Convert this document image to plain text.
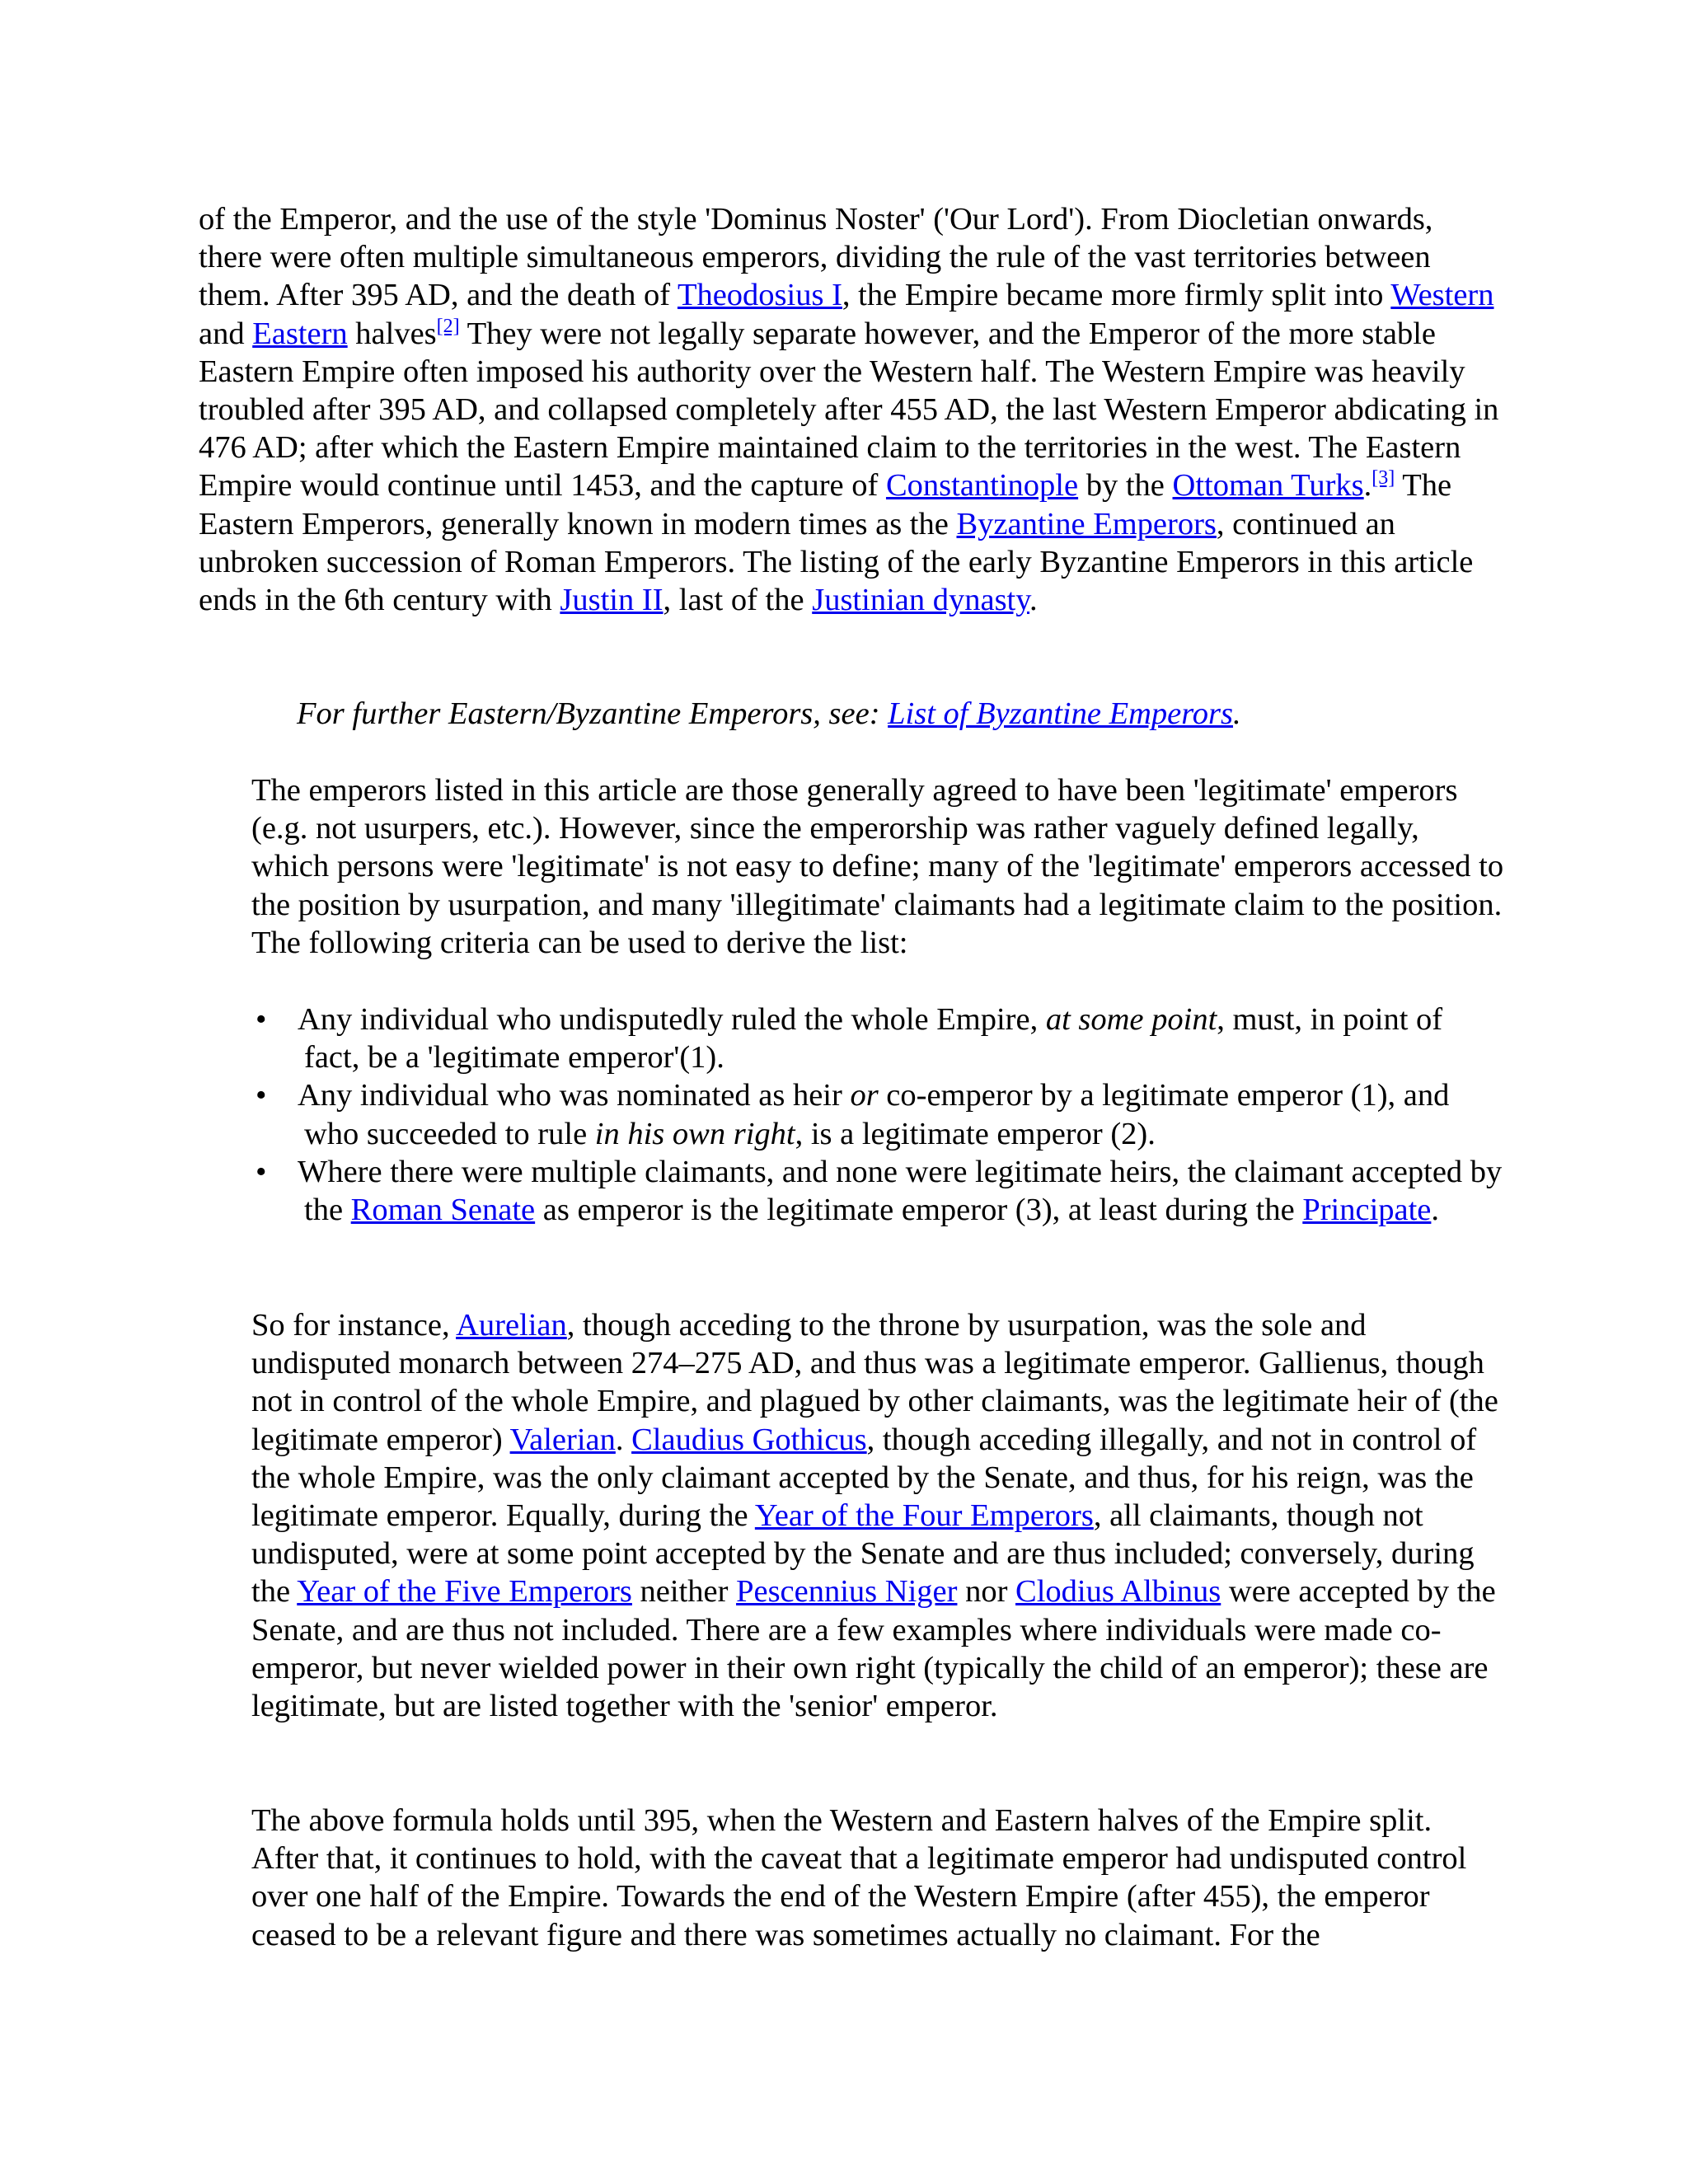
of the Emperor, and the use of the style 'Dominus Noster' ('Our Lord'). From Diocletian onwards, there were often multiple simultaneous emperors, dividing the rule of the vast territories between them. After 395 AD, and the death of Theodosius I, the Empire became more firmly split into Western and Eastern halves[2] They were not legally separate however, and the Emperor of the more stable Eastern Empire often imposed his authority over the Western half. The Western Empire was heavily troubled after 395 AD, and collapsed completely after 455 AD, the last Western Emperor abdicating in 476 AD; after which the Eastern Empire maintained claim to the territories in the west. The Eastern Empire would continue until 1453, and the capture of Constantinople by the Ottoman Turks.[3] The Eastern Emperors, generally known in modern times as the Byzantine Emperors, continued an unbroken succession of Roman Emperors. The listing of the early Byzantine Emperors in this article ends in the 6th century with Justin II, last of the Justinian dynasty.

For further Eastern/Byzantine Emperors, see: List of Byzantine Emperors.

The emperors listed in this article are those generally agreed to have been 'legitimate' emperors (e.g. not usurpers, etc.). However, since the emperorship was rather vaguely defined legally, which persons were 'legitimate' is not easy to define; many of the 'legitimate' emperors accessed to the position by usurpation, and many 'illegitimate' claimants had a legitimate claim to the position. The following criteria can be used to derive the list:

• Any individual who undisputedly ruled the whole Empire, at some point, must, in point of fact, be a 'legitimate emperor'(1).
• Any individual who was nominated as heir or co-emperor by a legitimate emperor (1), and who succeeded to rule in his own right, is a legitimate emperor (2).
• Where there were multiple claimants, and none were legitimate heirs, the claimant accepted by the Roman Senate as emperor is the legitimate emperor (3), at least during the Principate.

So for instance, Aurelian, though acceding to the throne by usurpation, was the sole and undisputed monarch between 274–275 AD, and thus was a legitimate emperor. Gallienus, though not in control of the whole Empire, and plagued by other claimants, was the legitimate heir of (the legitimate emperor) Valerian. Claudius Gothicus, though acceding illegally, and not in control of the whole Empire, was the only claimant accepted by the Senate, and thus, for his reign, was the legitimate emperor. Equally, during the Year of the Four Emperors, all claimants, though not undisputed, were at some point accepted by the Senate and are thus included; conversely, during the Year of the Five Emperors neither Pescennius Niger nor Clodius Albinus were accepted by the Senate, and are thus not included. There are a few examples where individuals were made co-emperor, but never wielded power in their own right (typically the child of an emperor); these are legitimate, but are listed together with the 'senior' emperor.

The above formula holds until 395, when the Western and Eastern halves of the Empire split. After that, it continues to hold, with the caveat that a legitimate emperor had undisputed control over one half of the Empire. Towards the end of the Western Empire (after 455), the emperor ceased to be a relevant figure and there was sometimes actually no claimant. For the
